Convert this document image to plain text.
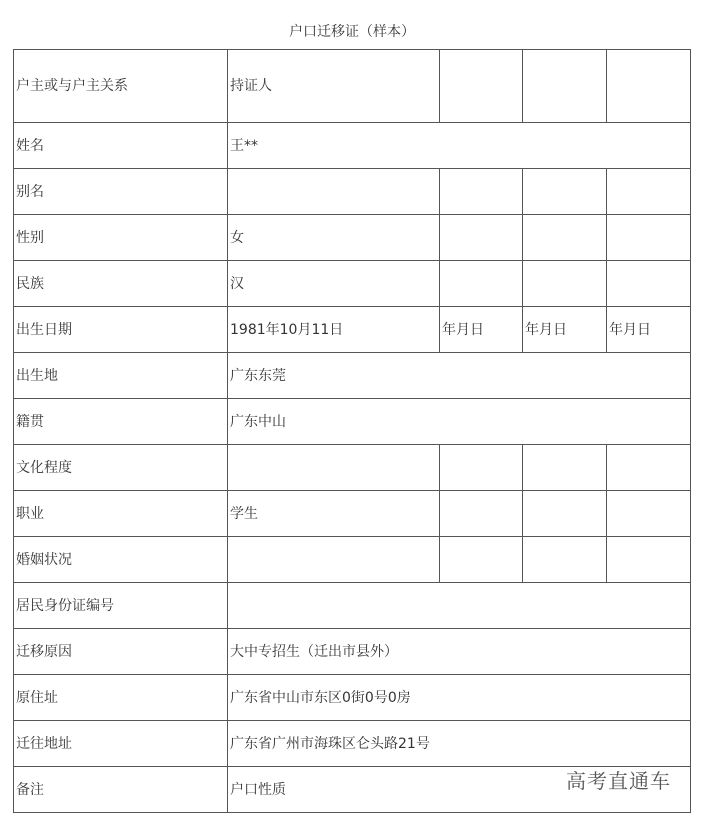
户口迁移证（样本）
户主或与户主关系	持证人			
姓名	王**			
别名				
性别	女			
民族	汉			
出生日期	1981年10月11日	年月日	年月日	年月日
出生地	广东东莞			
籍贯	广东中山			
文化程度				
职业	学生			
婚姻状况				
居民身份证编号				
迁移原因	大中专招生（迁出市县外）			
原住址	广东省中山市东区0街0号0房			
迁往地址	广东省广州市海珠区仑头路21号			
备注	户口性质				高考直通车
